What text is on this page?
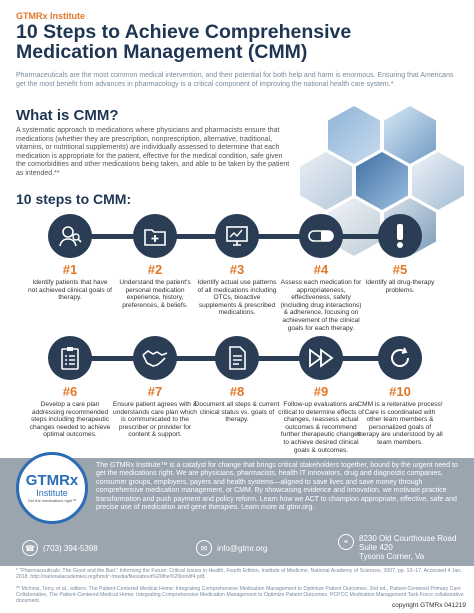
GTMRx Institute
10 Steps to Achieve Comprehensive Medication Management (CMM)
Pharmaceuticals are the most common medical intervention, and their potential for both help and harm is enormous. Ensuring that Americans get the most benefit from advances in pharmacology is a critical component of improving the national health care system.*
What is CMM?
A systematic approach to medications where physicians and pharmacists ensure that medications (whether they are prescription, nonprescription, alternative, traditional, vitamins, or nutritional supplements) are individually assessed to determine that each medication is appropriate for the patient, effective for the medical condition, safe given the comorbidities and other medications being taken, and able to be taken by the patient as intended.**
10 steps to CMM:
#1
Identify patients that have not achieved clinical goals of therapy.
#2
Understand the patient's personal medication experience, history, preferences, & beliefs.
#3
Identify actual use patterns of all medications including OTCs, bioactive supplements & prescribed medications.
#4
Assess each medication for appropriateness, effectiveness, safety (including drug interactions) & adherence, focusing on achievement of the clinical goals for each therapy.
#5
Identify all drug-therapy problems.
#6
Develop a care plan addressing recommended steps including therapeutic changes needed to achieve optimal outcomes.
#7
Ensure patient agrees with & understands care plan which is communicated to the prescriber or provider for content & support.
#8
Document all steps & current clinical status vs. goals of therapy.
#9
Follow-up evaluations are critical to determine effects of changes, reassess actual outcomes & recommend further therapeutic changes to achieve desired clinical goals & outcomes.
#10
CMM is a reiterative process! Care is coordinated with other team members & personalized goals of therapy are understood by all team members.
GTMRx
Institute
Get the medications right™
About the GTMRx Institute
The GTMRx Institute™ is a catalyst for change that brings critical stakeholders together, bound by the urgent need to get the medications right. We are physicians, pharmacists, health IT innovators, drug and diagnostic companies, consumer groups, employers, payers and health systems—aligned to save lives and save money through comprehensive medication management, or CMM. By showcasing evidence and innovation, we motivate practice transformation and push payment and policy reform. Learn how we ACT to champion appropriate, effective, safe and precise use of medication and gene therapies. Learn more at gtmr.org.
☎	(703) 394-5398	✉	info@gtmr.org
⌖	8230 Old Courthouse Road
Suite 420
Tysons Corner, Va
* "Pharmaceuticals: The Good and the Bad." Informing the Future: Critical Issues in Health, Fourth Edition, Institute of Medicine, National Academy of Sciences, 2007, pp. 13–17. Accessed 4 Jan. 2018. http://nationalacademies.org/hmd/~/media/files/about%20the%20iom/if4.pdf.
** McInnis, Terry, et al., editors. The Patient-Centered Medical Home: Integrating Comprehensive Medication Management to Optimize Patient Outcomes. 2nd ed., Patient-Centered Primary Care Collaborative, The Patient-Centered Medical Home: Integrating Comprehensive Medication Management to Optimize Patient Outcomes. PCPCC Medication Management Task Force collaborative document.
copyright GTMRx 041219
